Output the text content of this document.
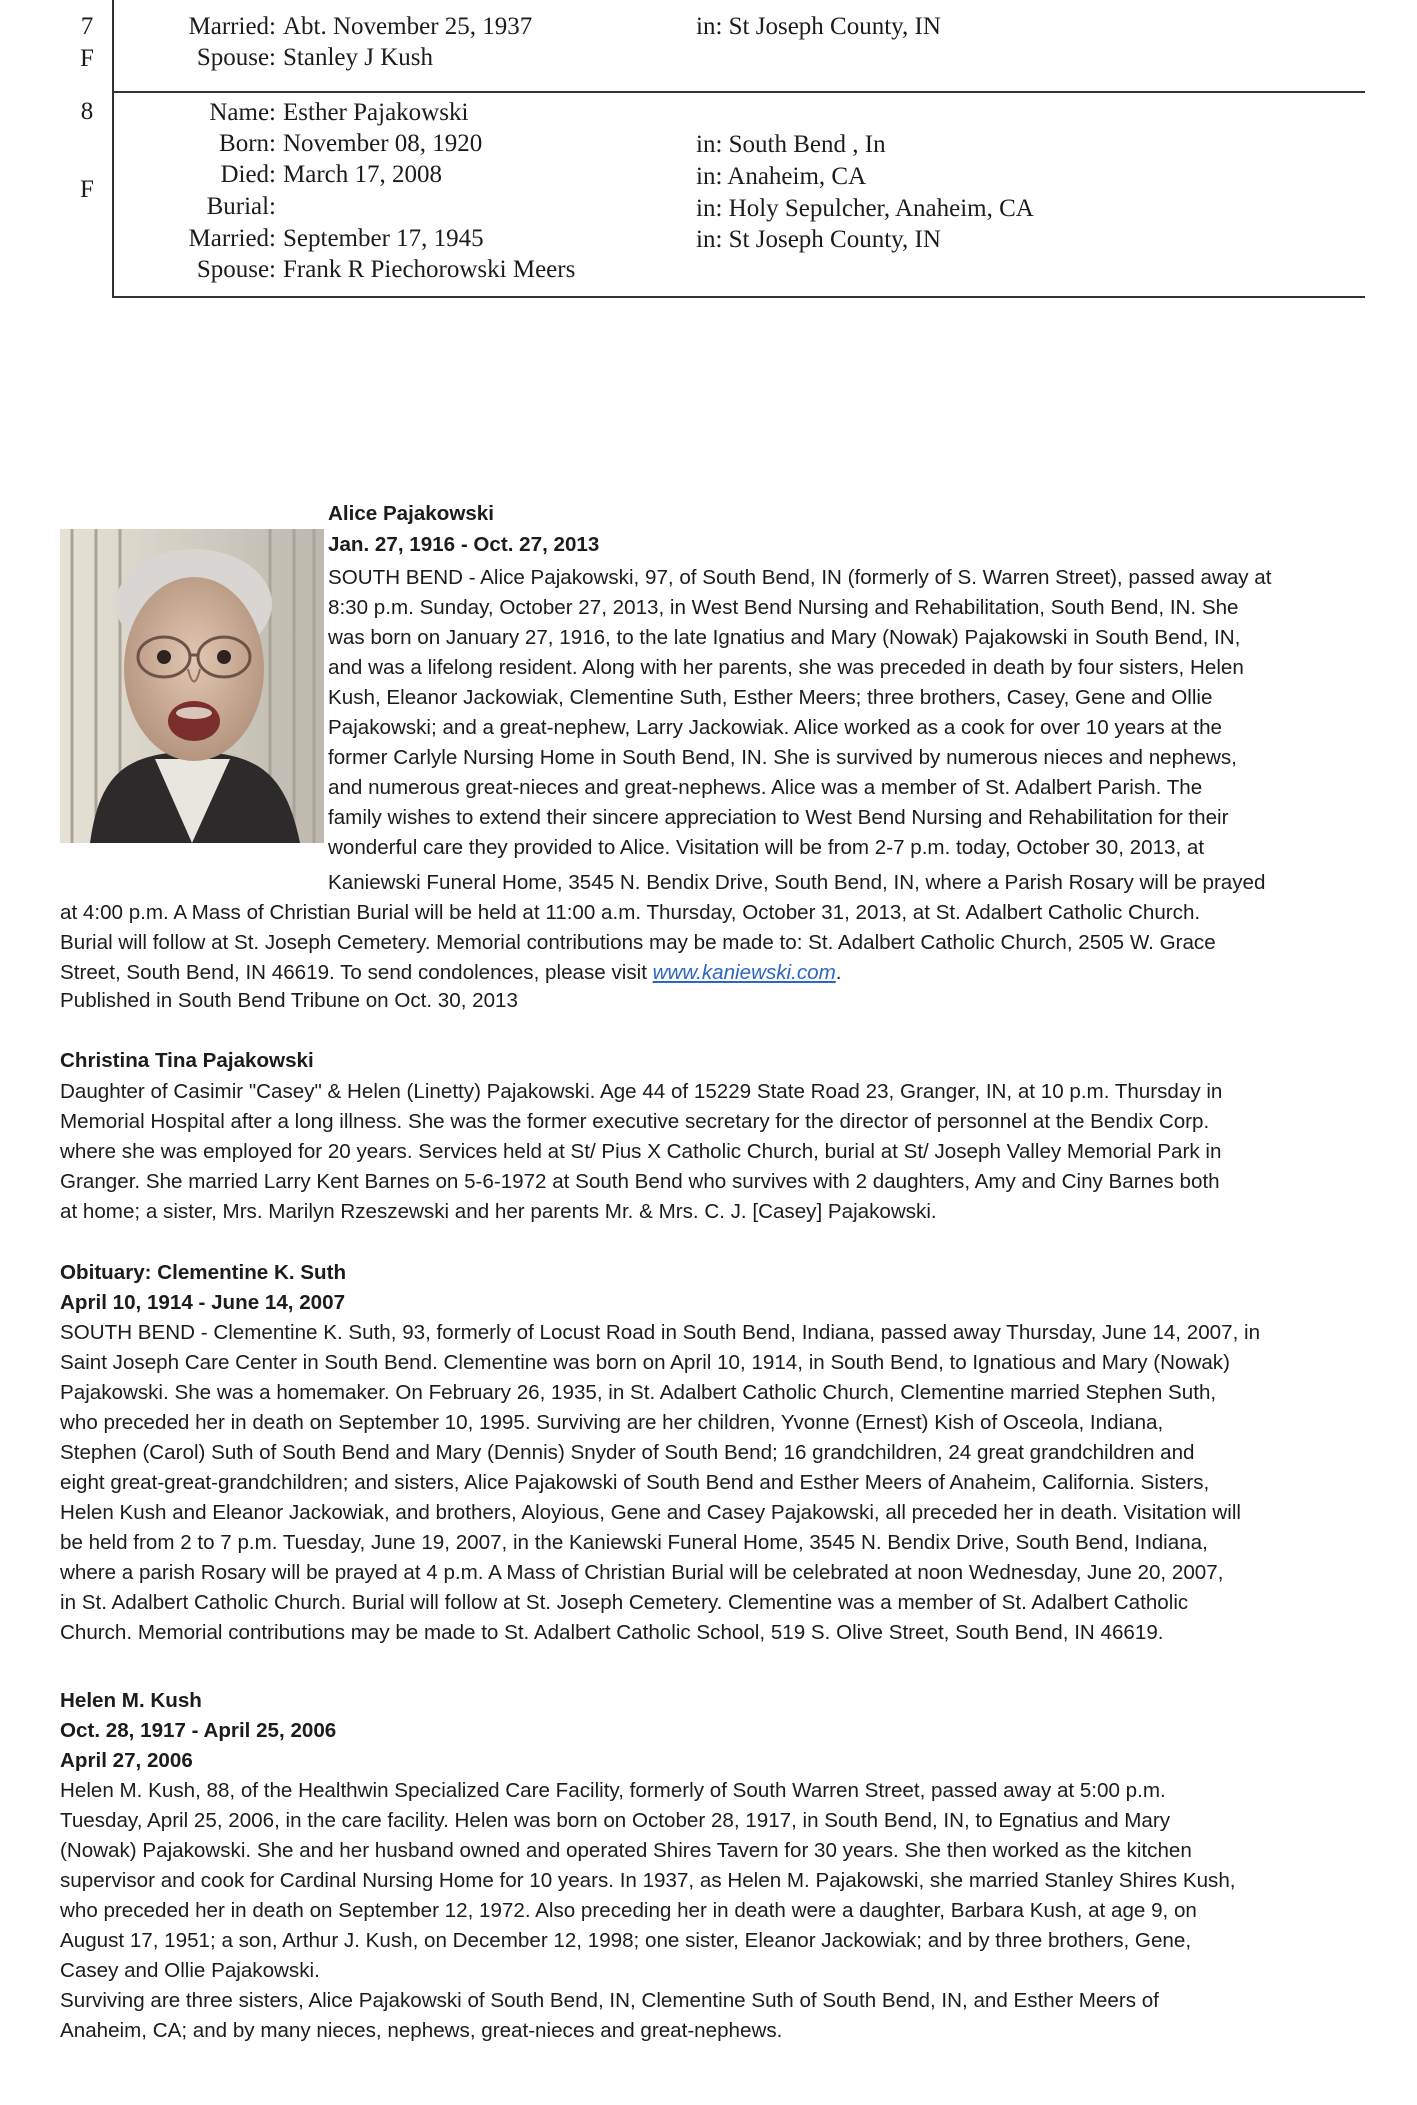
7
F
Married: Abt. November 25, 1937	in: St Joseph County, IN
Spouse: Stanley J Kush
8
F
Name: Esther Pajakowski
Born: November 08, 1920	in: South Bend , In
Died: March 17, 2008	in: Anaheim, CA
Burial:	in: Holy Sepulcher, Anaheim, CA
Married: September 17, 1945	in: St Joseph County, IN
Spouse: Frank R Piechorowski Meers
Alice Pajakowski
Jan. 27, 1916 - Oct. 27, 2013
SOUTH BEND - Alice Pajakowski, 97, of South Bend, IN (formerly of S. Warren Street), passed away at
8:30 p.m. Sunday, October 27, 2013, in West Bend Nursing and Rehabilitation, South Bend, IN. She
was born on January 27, 1916, to the late Ignatius and Mary (Nowak) Pajakowski in South Bend, IN,
and was a lifelong resident. Along with her parents, she was preceded in death by four sisters, Helen
Kush, Eleanor Jackowiak, Clementine Suth, Esther Meers; three brothers, Casey, Gene and Ollie
Pajakowski; and a great-nephew, Larry Jackowiak. Alice worked as a cook for over 10 years at the
former Carlyle Nursing Home in South Bend, IN. She is survived by numerous nieces and nephews,
and numerous great-nieces and great-nephews. Alice was a member of St. Adalbert Parish. The
family wishes to extend their sincere appreciation to West Bend Nursing and Rehabilitation for their
wonderful care they provided to Alice. Visitation will be from 2-7 p.m. today, October 30, 2013, at
Kaniewski Funeral Home, 3545 N. Bendix Drive, South Bend, IN, where a Parish Rosary will be prayed
at 4:00 p.m. A Mass of Christian Burial will be held at 11:00 a.m. Thursday, October 31, 2013, at St. Adalbert Catholic Church.
Burial will follow at St. Joseph Cemetery. Memorial contributions may be made to: St. Adalbert Catholic Church, 2505 W. Grace
Street, South Bend, IN 46619. To send condolences, please visit www.kaniewski.com.
Published in South Bend Tribune on Oct. 30, 2013
Christina Tina Pajakowski
Daughter of Casimir "Casey" & Helen (Linetty) Pajakowski. Age 44 of 15229 State Road 23, Granger, IN, at 10 p.m. Thursday in
Memorial Hospital after a long illness. She was the former executive secretary for the director of personnel at the Bendix Corp.
where she was employed for 20 years. Services held at St/ Pius X Catholic Church, burial at St/ Joseph Valley Memorial Park in
Granger. She married Larry Kent Barnes on 5-6-1972 at South Bend who survives with 2 daughters, Amy and Ciny Barnes both
at home; a sister, Mrs. Marilyn Rzeszewski and her parents Mr. & Mrs. C. J. [Casey] Pajakowski.
Obituary: Clementine K. Suth
April 10, 1914 - June 14, 2007
SOUTH BEND - Clementine K. Suth, 93, formerly of Locust Road in South Bend, Indiana, passed away Thursday, June 14, 2007, in
Saint Joseph Care Center in South Bend. Clementine was born on April 10, 1914, in South Bend, to Ignatious and Mary (Nowak)
Pajakowski. She was a homemaker. On February 26, 1935, in St. Adalbert Catholic Church, Clementine married Stephen Suth,
who preceded her in death on September 10, 1995. Surviving are her children, Yvonne (Ernest) Kish of Osceola, Indiana,
Stephen (Carol) Suth of South Bend and Mary (Dennis) Snyder of South Bend; 16 grandchildren, 24 great grandchildren and
eight great-great-grandchildren; and sisters, Alice Pajakowski of South Bend and Esther Meers of Anaheim, California. Sisters,
Helen Kush and Eleanor Jackowiak, and brothers, Aloyious, Gene and Casey Pajakowski, all preceded her in death. Visitation will
be held from 2 to 7 p.m. Tuesday, June 19, 2007, in the Kaniewski Funeral Home, 3545 N. Bendix Drive, South Bend, Indiana,
where a parish Rosary will be prayed at 4 p.m. A Mass of Christian Burial will be celebrated at noon Wednesday, June 20, 2007,
in St. Adalbert Catholic Church. Burial will follow at St. Joseph Cemetery. Clementine was a member of St. Adalbert Catholic
Church. Memorial contributions may be made to St. Adalbert Catholic School, 519 S. Olive Street, South Bend, IN 46619.
Helen M. Kush
Oct. 28, 1917 - April 25, 2006
April 27, 2006
Helen M. Kush, 88, of the Healthwin Specialized Care Facility, formerly of South Warren Street, passed away at 5:00 p.m.
Tuesday, April 25, 2006, in the care facility. Helen was born on October 28, 1917, in South Bend, IN, to Egnatius and Mary
(Nowak) Pajakowski. She and her husband owned and operated Shires Tavern for 30 years. She then worked as the kitchen
supervisor and cook for Cardinal Nursing Home for 10 years. In 1937, as Helen M. Pajakowski, she married Stanley Shires Kush,
who preceded her in death on September 12, 1972. Also preceding her in death were a daughter, Barbara Kush, at age 9, on
August 17, 1951; a son, Arthur J. Kush, on December 12, 1998; one sister, Eleanor Jackowiak; and by three brothers, Gene,
Casey and Ollie Pajakowski.
Surviving are three sisters, Alice Pajakowski of South Bend, IN, Clementine Suth of South Bend, IN, and Esther Meers of
Anaheim, CA; and by many nieces, nephews, great-nieces and great-nephews.
